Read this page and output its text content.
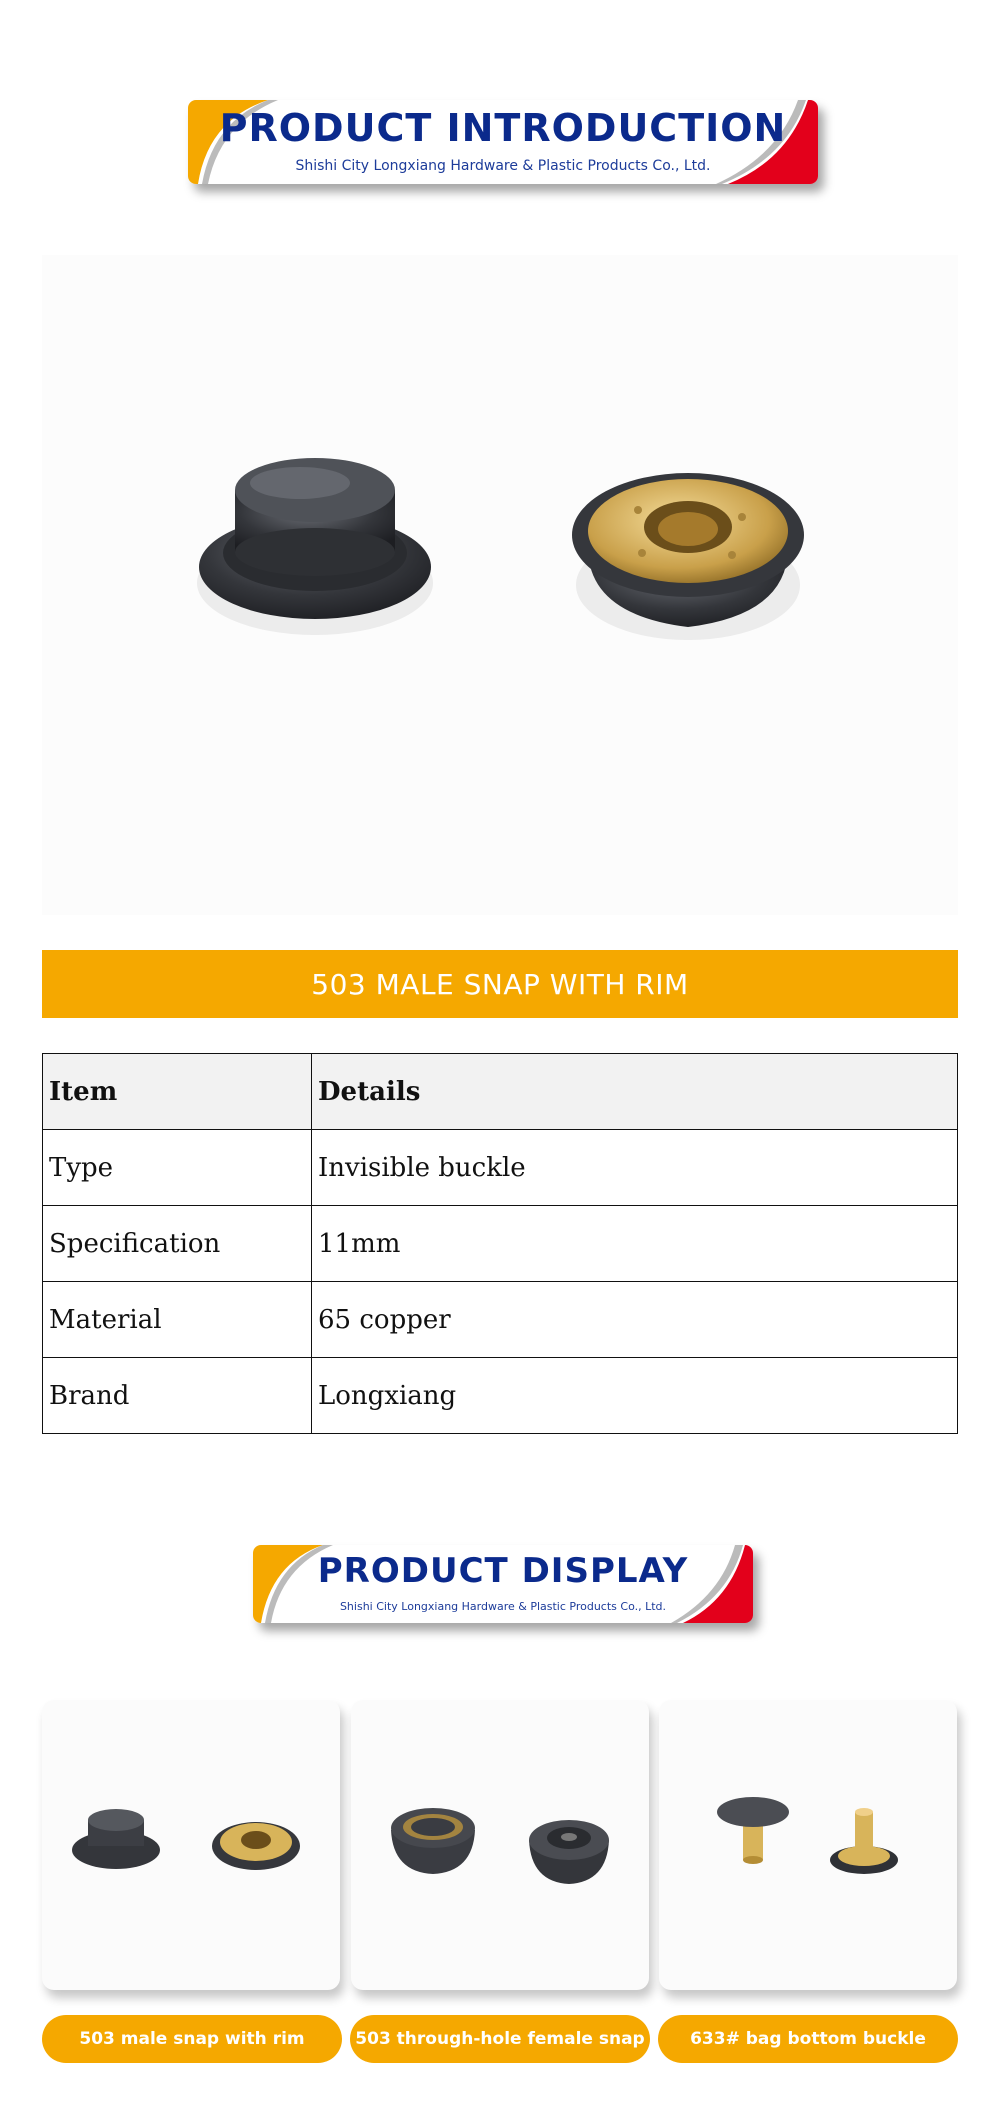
PRODUCT INTRODUCTION
Shishi City Longxiang Hardware & Plastic Products Co., Ltd.
503 MALE SNAP WITH RIM
Item	Details
Type	Invisible buckle
Specification	11mm
Material	65 copper
Brand	Longxiang
PRODUCT DISPLAY
Shishi City Longxiang Hardware & Plastic Products Co., Ltd.
503 male snap with rim	503 through-hole female snap	633# bag bottom buckle
